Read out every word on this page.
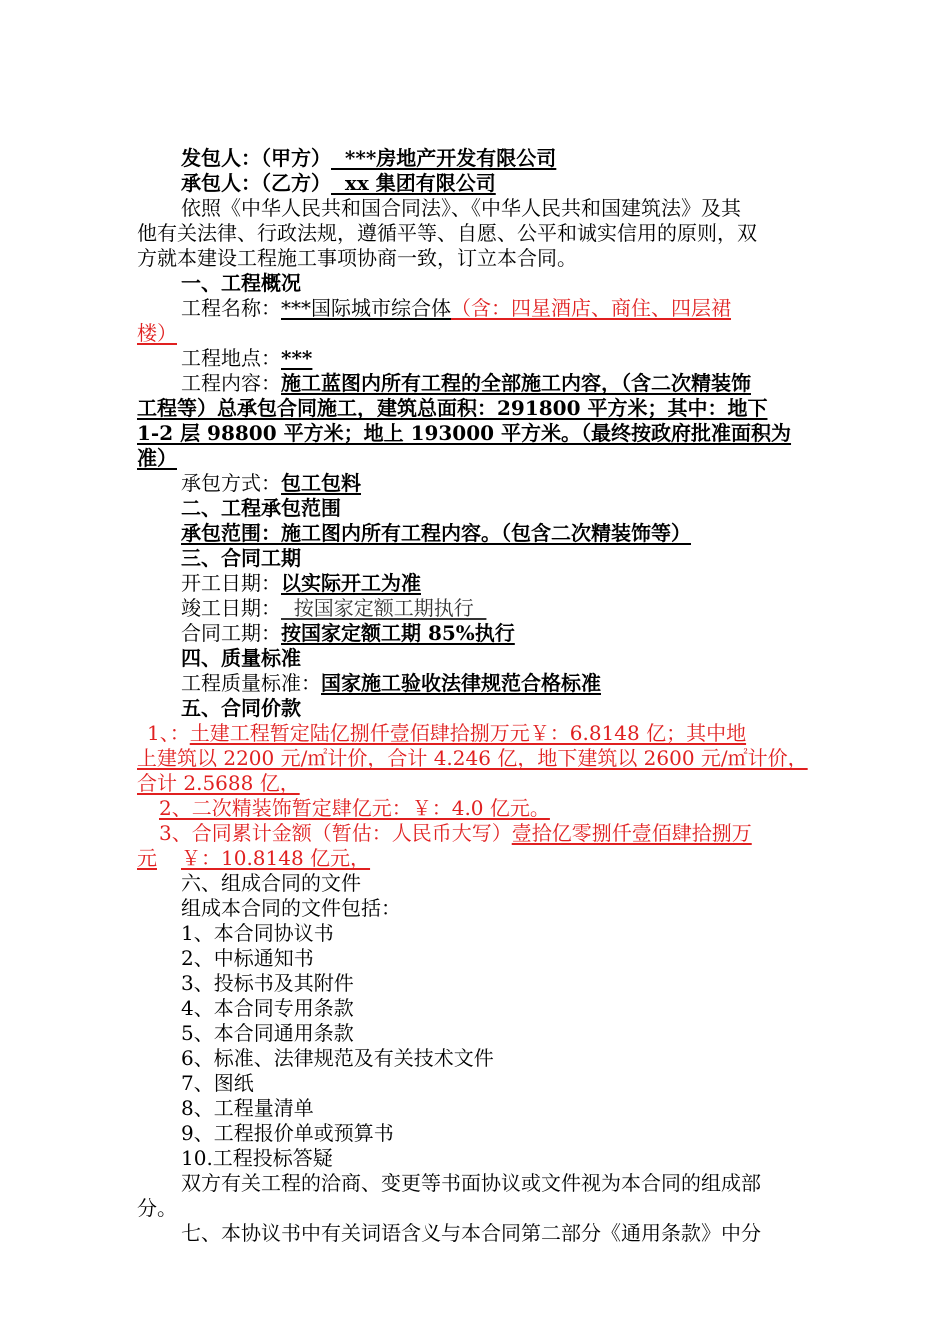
发包人：（甲方）  ***房地产开发有限公司

承包人：（乙方）  xx 集团有限公司

依照《中华人民共和国合同法》、《中华人民共和国建筑法》及其

他有关法律、行政法规，遵循平等、自愿、公平和诚实信用的原则，双

方就本建设工程施工事项协商一致，订立本合同。

一、工程概况

工程名称：***国际城市综合体（含：四星酒店、商住、四层裙

楼）

工程地点：***

工程内容：施工蓝图内所有工程的全部施工内容，（含二次精装饰

工程等）总承包合同施工，建筑总面积：291800 平方米；其中：地下

1-2 层 98800 平方米；地上 193000 平方米。（最终按政府批准面积为

准）

承包方式：包工包料

二、工程承包范围

承包范围：施工图内所有工程内容。（包含二次精装饰等）

三、合同工期

开工日期：以实际开工为准

竣工日期：  按国家定额工期执行

合同工期：按国家定额工期 85%执行

四、质量标准

工程质量标准：国家施工验收法律规范合格标准

五、合同价款

1、：土建工程暂定陆亿捌仟壹佰肆拾捌万元￥：6.8148 亿；其中地

上建筑以 2200 元/㎡计价，合计 4.246 亿，地下建筑以 2600 元/㎡计价，

合计 2.5688 亿，

2、二次精装饰暂定肆亿元：￥：4.0 亿元。

3、合同累计金额（暂估：人民币大写）壹拾亿零捌仟壹佰肆拾捌万

元 ￥：10.8148 亿元，

六、组成合同的文件

组成本合同的文件包括：

1、本合同协议书

2、中标通知书

3、投标书及其附件

4、本合同专用条款

5、本合同通用条款

6、标准、法律规范及有关技术文件

7、图纸

8、工程量清单

9、工程报价单或预算书

10.工程投标答疑

双方有关工程的洽商、变更等书面协议或文件视为本合同的组成部

分。

七、本协议书中有关词语含义与本合同第二部分《通用条款》中分
